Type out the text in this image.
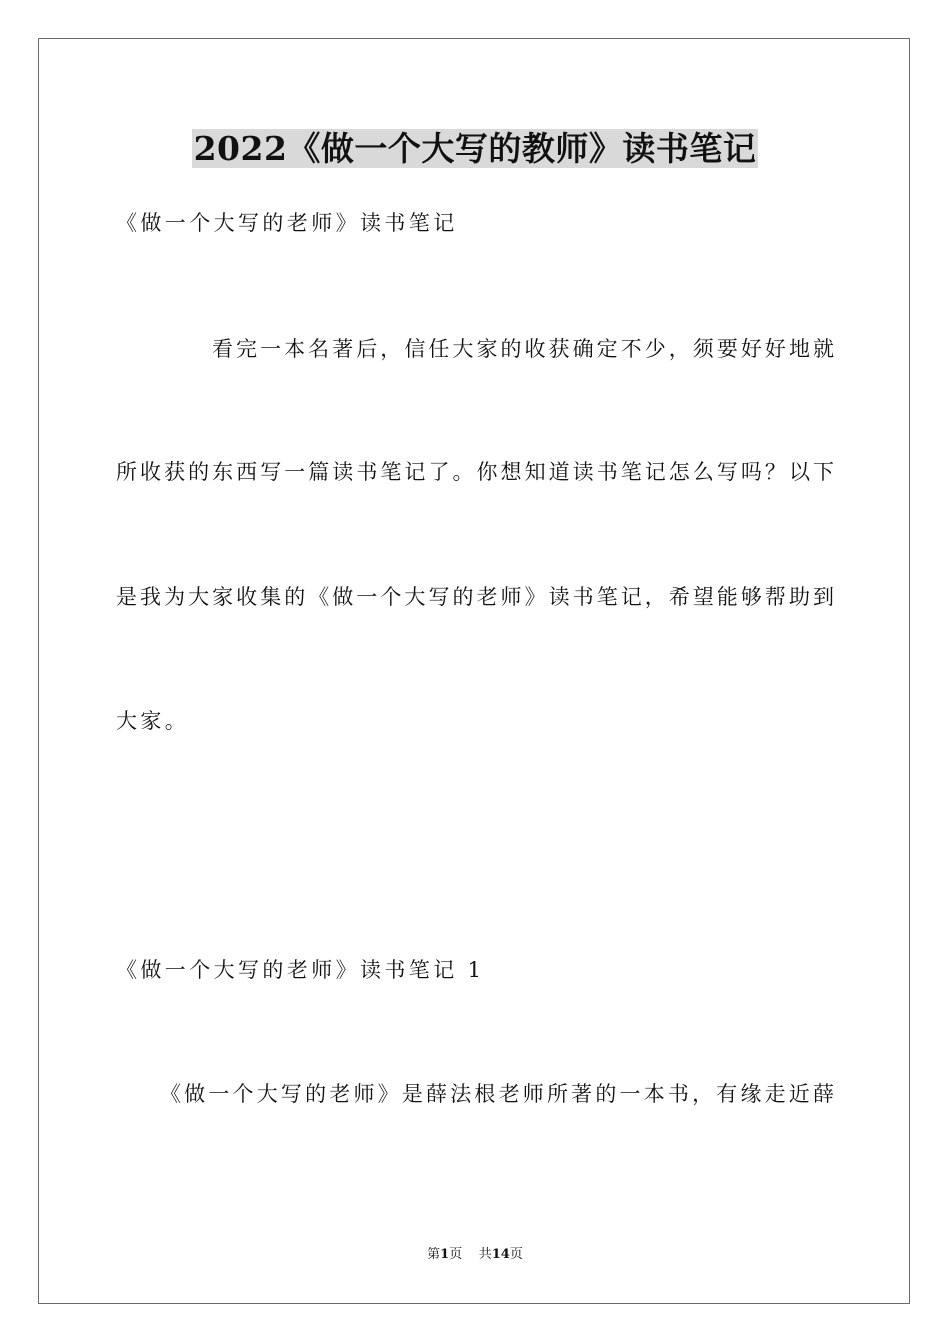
2022《做一个大写的教师》读书笔记
《做一个大写的老师》读书笔记
看完一本名著后，信任大家的收获确定不少，须要好好地就
所收获的东西写一篇读书笔记了。你想知道读书笔记怎么写吗？以下
是我为大家收集的《做一个大写的老师》读书笔记，希望能够帮助到
大家。
《做一个大写的老师》读书笔记 1
《做一个大写的老师》是薛法根老师所著的一本书，有缘走近薛
第1页 共14页
